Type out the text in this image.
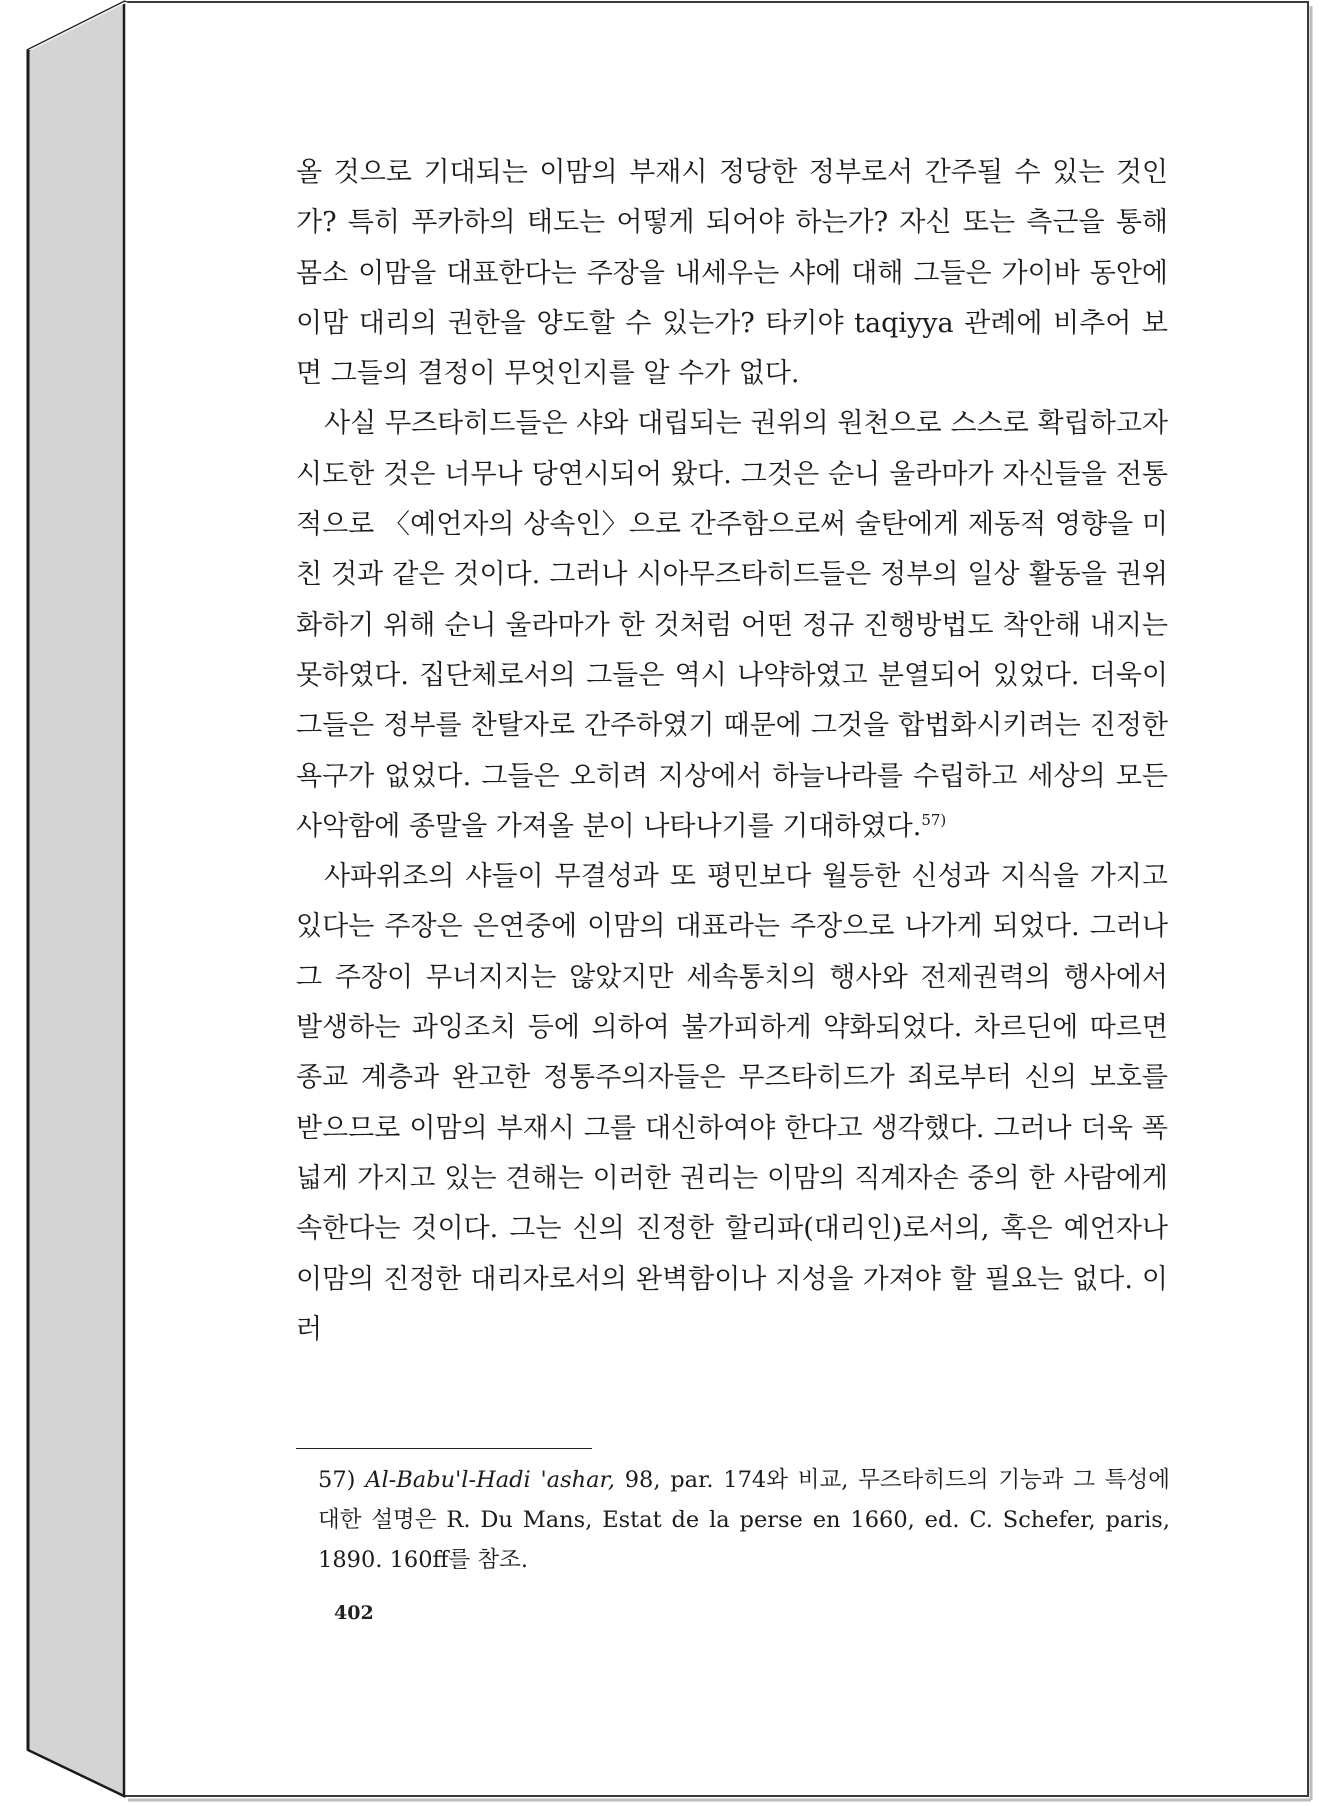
올 것으로 기대되는 이맘의 부재시 정당한 정부로서 간주될 수 있는 것인가? 특히 푸카하의 태도는 어떻게 되어야 하는가? 자신 또는 측근을 통해 몸소 이맘을 대표한다는 주장을 내세우는 샤에 대해 그들은 가이바 동안에 이맘 대리의 권한을 양도할 수 있는가? 타키야 taqiyya 관례에 비추어 보면 그들의 결정이 무엇인지를 알 수가 없다.

사실 무즈타히드들은 샤와 대립되는 권위의 원천으로 스스로 확립하고자 시도한 것은 너무나 당연시되어 왔다. 그것은 순니 울라마가 자신들을 전통적으로 〈예언자의 상속인〉으로 간주함으로써 술탄에게 제동적 영향을 미친 것과 같은 것이다. 그러나 시아무즈타히드들은 정부의 일상 활동을 권위화하기 위해 순니 울라마가 한 것처럼 어떤 정규 진행방법도 착안해 내지는 못하였다. 집단체로서의 그들은 역시 나약하였고 분열되어 있었다. 더욱이 그들은 정부를 찬탈자로 간주하였기 때문에 그것을 합법화시키려는 진정한 욕구가 없었다. 그들은 오히려 지상에서 하늘나라를 수립하고 세상의 모든 사악함에 종말을 가져올 분이 나타나기를 기대하였다.$^{57)}$

사파위조의 샤들이 무결성과 또 평민보다 월등한 신성과 지식을 가지고 있다는 주장은 은연중에 이맘의 대표라는 주장으로 나가게 되었다. 그러나 그 주장이 무너지지는 않았지만 세속통치의 행사와 전제권력의 행사에서 발생하는 과잉조치 등에 의하여 불가피하게 약화되었다. 차르딘에 따르면 종교 계층과 완고한 정통주의자들은 무즈타히드가 죄로부터 신의 보호를 받으므로 이맘의 부재시 그를 대신하여야 한다고 생각했다. 그러나 더욱 폭넓게 가지고 있는 견해는 이러한 권리는 이맘의 직계자손 중의 한 사람에게 속한다는 것이다. 그는 신의 진정한 할리파(대리인)로서의, 혹은 예언자나 이맘의 진정한 대리자로서의 완벽함이나 지성을 가져야 할 필요는 없다. 이러

57) Al-Babu'l-Hadi 'ashar, 98, par. 174와 비교, 무즈타히드의 기능과 그 특성에 대한 설명은 R. Du Mans, Estat de la perse en 1660, ed. C. Schefer, paris, 1890. 160ff를 참조.
402
